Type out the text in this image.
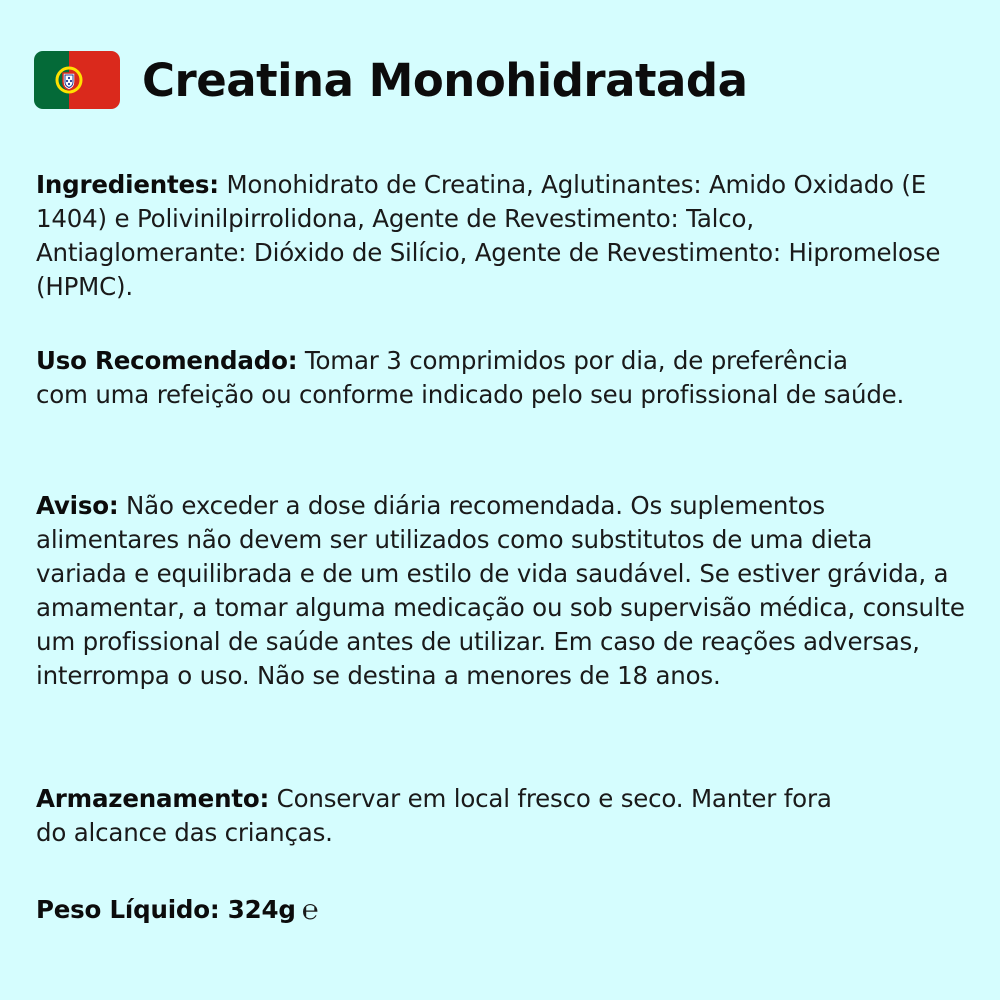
Creatina Monohidratada
Ingredientes: Monohidrato de Creatina, Aglutinantes: Amido Oxidado (E 1404) e Polivinilpirrolidona, Agente de Revestimento: Talco, Antiaglomerante: Dióxido de Silício, Agente de Revestimento: Hipromelose (HPMC).
Uso Recomendado: Tomar 3 comprimidos por dia, de preferência com uma refeição ou conforme indicado pelo seu profissional de saúde.
Aviso: Não exceder a dose diária recomendada. Os suplementos alimentares não devem ser utilizados como substitutos de uma dieta variada e equilibrada e de um estilo de vida saudável. Se estiver grávida, a amamentar, a tomar alguma medicação ou sob supervisão médica, consulte um profissional de saúde antes de utilizar. Em caso de reações adversas, interrompa o uso. Não se destina a menores de 18 anos.
Armazenamento: Conservar em local fresco e seco. Manter fora do alcance das crianças.
Peso Líquido: 324g ℮
